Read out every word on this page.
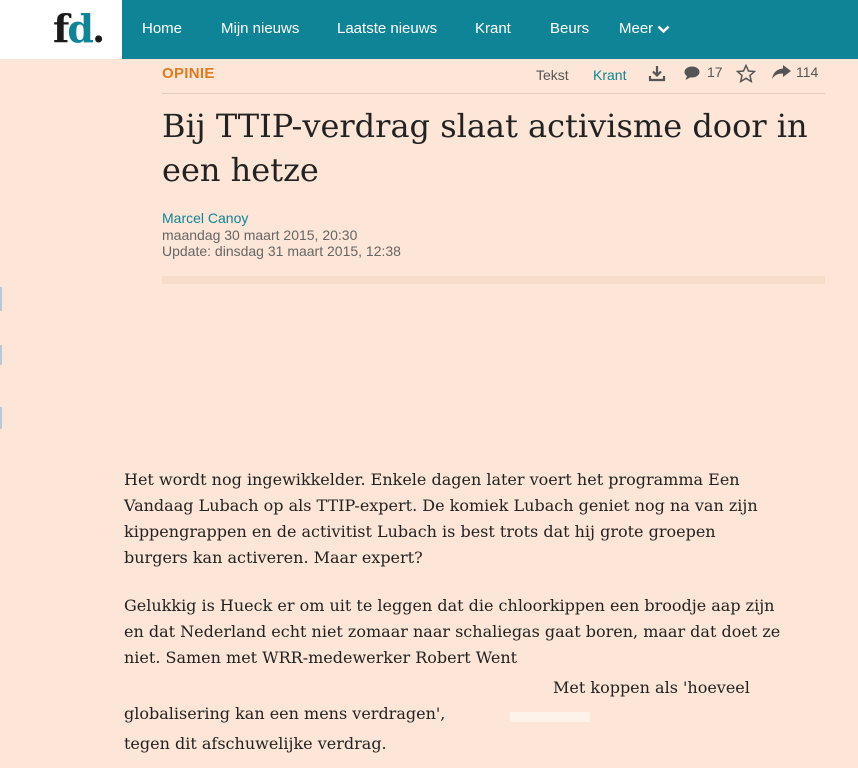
fd.	Home	Mijn nieuws	Laatste nieuws	Krant	Beurs Meer
OPINIE	Tekst Krant	17	114
Bij TTIP-verdrag slaat activisme door in een hetze
Marcel Canoy
maandag 30 maart 2015, 20:30
Update: dinsdag 31 maart 2015, 12:38

Het wordt nog ingewikkelder. Enkele dagen later voert het programma Een Vandaag Lubach op als TTIP-expert. De komiek Lubach geniet nog na van zijn kippengrappen en de activitist Lubach is best trots dat hij grote groepen burgers kan activeren. Maar expert?

Gelukkig is Hueck er om uit te leggen dat die chloorkippen een broodje aap zijn en dat Nederland echt niet zomaar naar schaliegas gaat boren, maar dat doet ze niet. Samen met WRR-medewerker Robert Went

Met koppen als 'hoeveel
globalisering kan een mens verdragen',
tegen dit afschuwelijke verdrag.
